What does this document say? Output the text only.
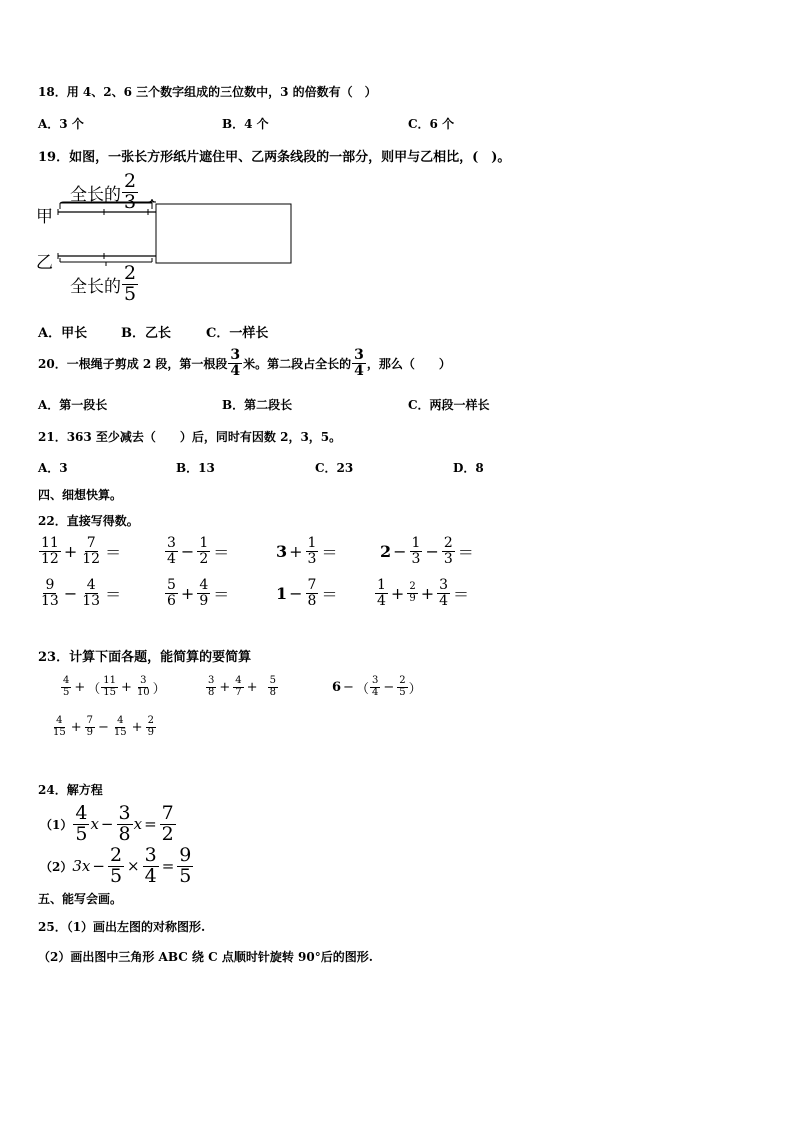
18．用 4、2、6 三个数字组成的三位数中，3 的倍数有（　）
A．3 个	B．4 个	C．6 个
19．如图，一张长方形纸片遮住甲、乙两条线段的一部分，则甲与乙相比，(　)。
全长的 $\frac{2}{3}$
甲
乙
全长的 $\frac{2}{5}$
A．甲长	B．乙长	C．一样长
20．一根绳子剪成 2 段，第一根段 $\frac{3}{4}$ 米。第二段占全长的 $\frac{3}{4}$ ，那么（　　）
A．第一段长	B．第二段长	C．两段一样长
21．363 至少减去（　　）后，同时有因数 2，3，5。
A．3	B．13	C．23	D．8
四、细想快算。
22．直接写得数。
$\frac{11}{12} + \frac{7}{12}$ ＝	$\frac{3}{4} - \frac{1}{2}$ ＝	$3 + \frac{1}{3}$ ＝	$2 - \frac{1}{3} - \frac{2}{3}$ ＝
$\frac{9}{13} - \frac{4}{13}$ ＝	$\frac{5}{6} + \frac{4}{9}$ ＝	$1 - \frac{7}{8}$ ＝	$\frac{1}{4} + \frac{2}{9} + \frac{3}{4}$ ＝
23．计算下面各题，能简算的要简算
$\frac{4}{5}$ + （ $\frac{11}{15} + \frac{3}{10}$ ）	$\frac{3}{8} + \frac{4}{7} + \frac{5}{8}$	6 − （ $\frac{3}{4} - \frac{2}{5}$ ）
$\frac{4}{15} + \frac{7}{9} - \frac{4}{15} + \frac{2}{9}$
24．解方程
$(1) \frac{4}{5}$ $x - \frac{3}{8}$ $x = \frac{7}{2}$
（2） $3x - \frac{2}{5} \times \frac{3}{4} = \frac{9}{5}$
五、能写会画。
25．（1）画出左图的对称图形.
（2）画出图中三角形 ABC 绕 C 点顺时针旋转 90°后的图形.
